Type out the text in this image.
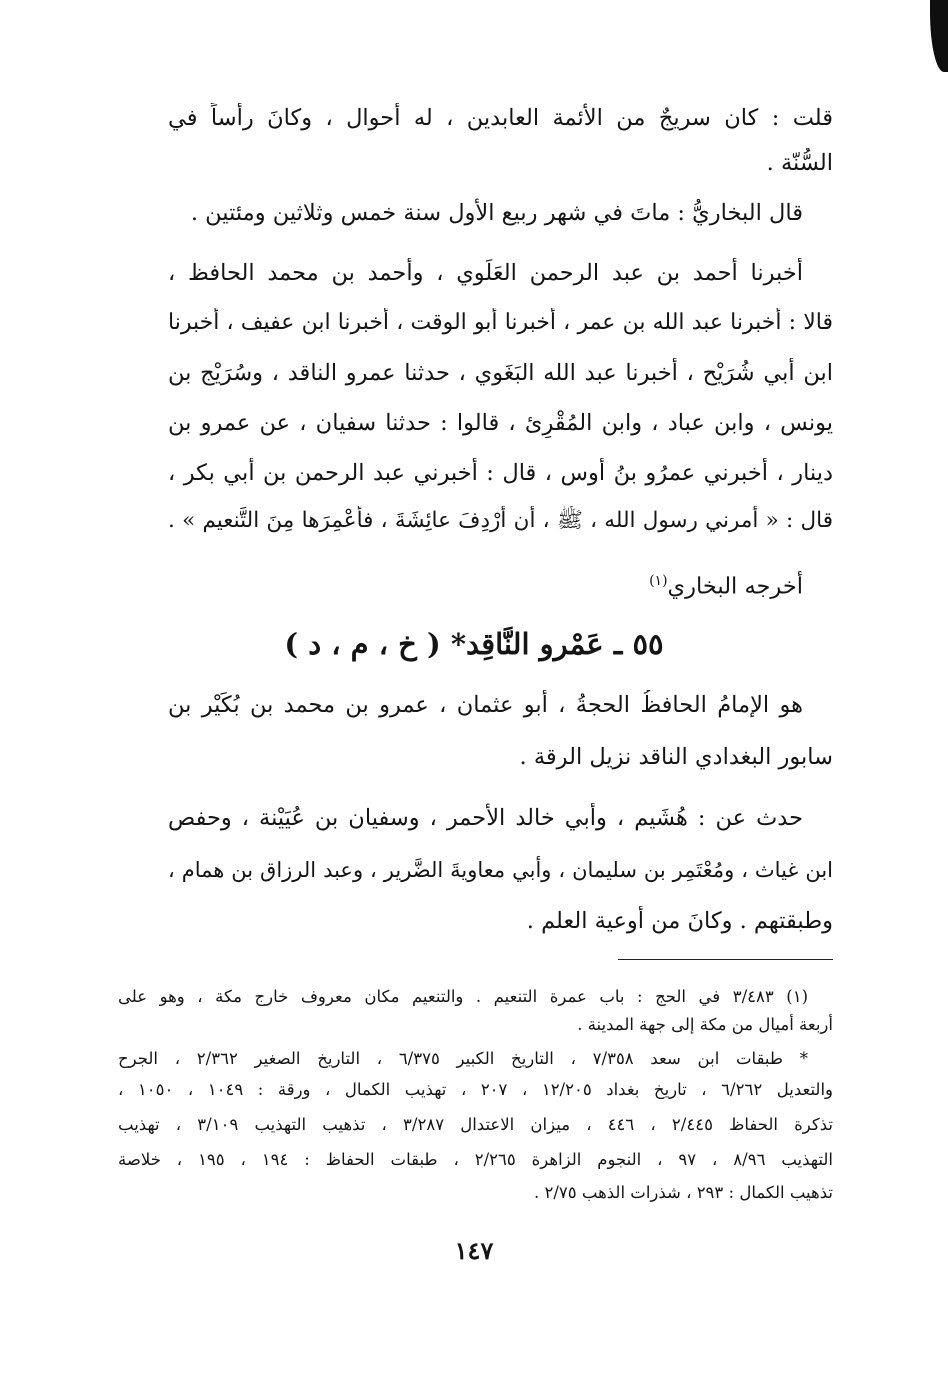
قلت : كان سريجٌ من الأئمة العابدين ، له أحوال ، وكانَ رأساً في
السُّنّة .
قال البخاريُّ : ماتَ في شهر ربيع الأول سنة خمس وثلاثين ومئتين .
أخبرنا أحمد بن عبد الرحمن العَلَوي ، وأحمد بن محمد الحافظ ،
قالا : أخبرنا عبد الله بن عمر ، أخبرنا أبو الوقت ، أخبرنا ابن عفيف ، أخبرنا
ابن أبي شُرَيْح ، أخبرنا عبد الله البَغَوي ، حدثنا عمرو الناقد ، وسُرَيْج بن
يونس ، وابن عباد ، وابن المُقْرِئ ، قالوا : حدثنا سفيان ، عن عمرو بن
دينار ، أخبرني عمرُو بنُ أوس ، قال : أخبرني عبد الرحمن بن أبي بكر ،
قال : « أمرني رسول الله ، ﷺ ، أن أُرْدِفَ عائِشَةَ ، فأُعْمِرَها مِنَ التَّنعيم » .
أخرجه البخاري$^{(١)}$
٥٥ ـ عَمْرو النَّاقِد* ( خ ، م ، د )
هو الإمامُ الحافظُ الحجةُ ، أبو عثمان ، عمرو بن محمد بن بُكَيْر بن
سابور البغدادي الناقد نزيل الرقة .
حدث عن : هُشَيم ، وأبي خالد الأحمر ، وسفيان بن عُيَيْنة ، وحفص
ابن غياث ، ومُعْتَمِر بن سليمان ، وأبي معاويةَ الضَّرير ، وعبد الرزاق بن همام ،
وطبقتهم . وكانَ من أوعية العلم .
(١) ٣/٤٨٣ في الحج : باب عمرة التنعيم . والتنعيم مكان معروف خارج مكة ، وهو على
أربعة أميال من مكة إلى جهة المدينة .
* طبقات ابن سعد ٧/٣٥٨ ، التاريخ الكبير ٦/٣٧٥ ، التاريخ الصغير ٢/٣٦٢ ، الجرح
والتعديل ٦/٢٦٢ ، تاريخ بغداد ١٢/٢٠٥ ، ٢٠٧ ، تهذيب الكمال ، ورقة : ١٠٤٩ ، ١٠٥٠ ،
تذكرة الحفاظ ٢/٤٤٥ ، ٤٤٦ ، ميزان الاعتدال ٣/٢٨٧ ، تذهيب التهذيب ٣/١٠٩ ، تهذيب
التهذيب ٨/٩٦ ، ٩٧ ، النجوم الزاهرة ٢/٢٦٥ ، طبقات الحفاظ : ١٩٤ ، ١٩٥ ، خلاصة
تذهيب الكمال : ٢٩٣ ، شذرات الذهب ٢/٧٥ .
١٤٧
